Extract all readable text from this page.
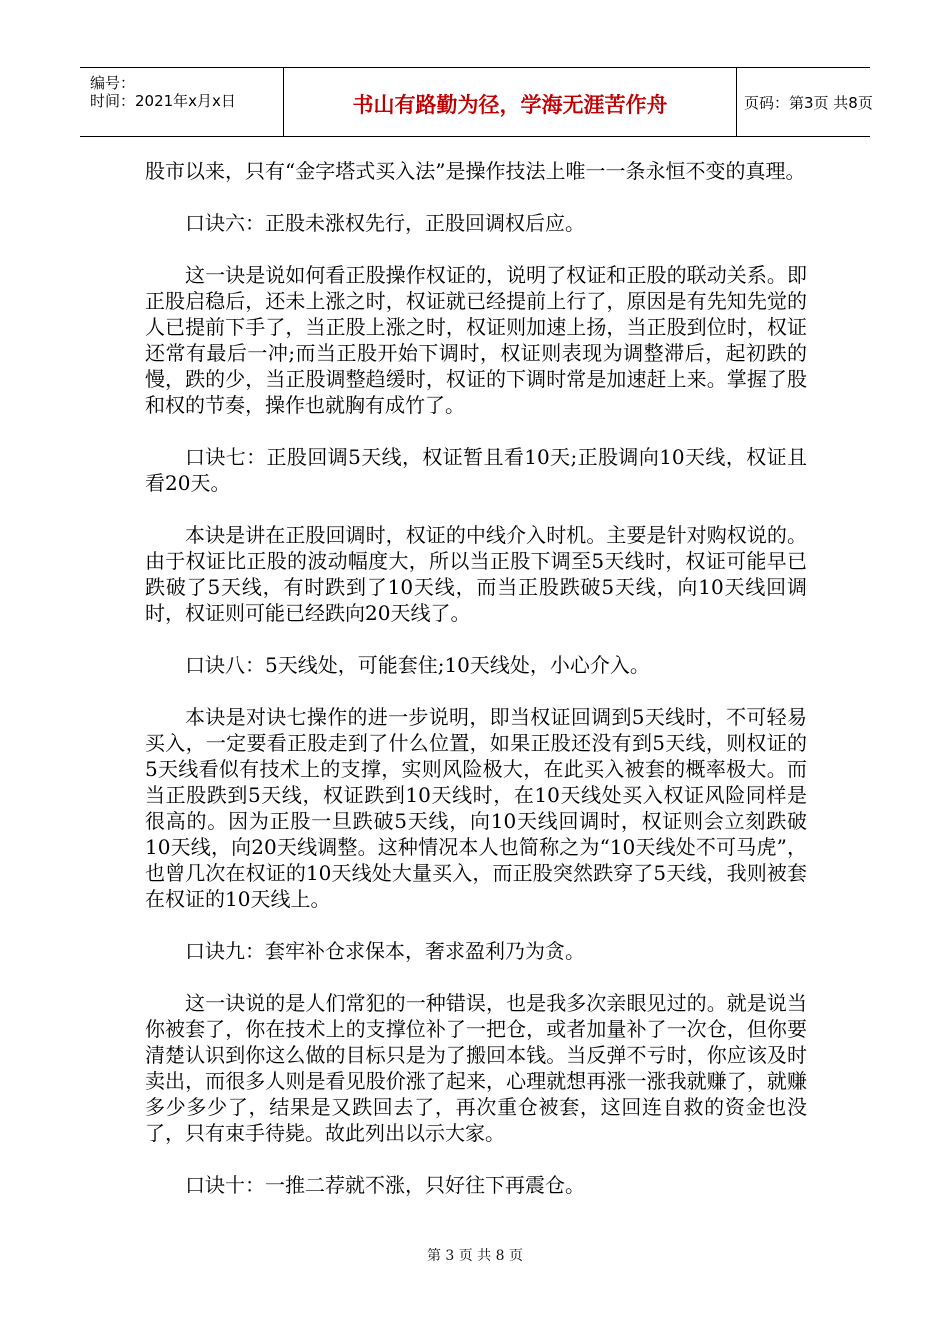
编号：
时间：2021年x月x日	书山有路勤为径，学海无涯苦作舟	页码：第3页 共8页

股市以来，只有“金字塔式买入法”是操作技法上唯一一条永恒不变的真理。

口诀六：正股未涨权先行，正股回调权后应。

这一诀是说如何看正股操作权证的，说明了权证和正股的联动关系。即正股启稳后，还未上涨之时，权证就已经提前上行了，原因是有先知先觉的人已提前下手了，当正股上涨之时，权证则加速上扬，当正股到位时，权证还常有最后一冲;而当正股开始下调时，权证则表现为调整滞后，起初跌的慢，跌的少，当正股调整趋缓时，权证的下调时常是加速赶上来。掌握了股和权的节奏，操作也就胸有成竹了。

口诀七：正股回调5天线，权证暂且看10天;正股调向10天线，权证且看20天。

本诀是讲在正股回调时，权证的中线介入时机。主要是针对购权说的。由于权证比正股的波动幅度大，所以当正股下调至5天线时，权证可能早已跌破了5天线，有时跌到了10天线，而当正股跌破5天线，向10天线回调时，权证则可能已经跌向20天线了。

口诀八：5天线处，可能套住;10天线处，小心介入。

本诀是对诀七操作的进一步说明，即当权证回调到5天线时，不可轻易买入，一定要看正股走到了什么位置，如果正股还没有到5天线，则权证的5天线看似有技术上的支撑，实则风险极大，在此买入被套的概率极大。而当正股跌到5天线，权证跌到10天线时，在10天线处买入权证风险同样是很高的。因为正股一旦跌破5天线，向10天线回调时，权证则会立刻跌破10天线，向20天线调整。这种情况本人也简称之为“10天线处不可马虎”，也曾几次在权证的10天线处大量买入，而正股突然跌穿了5天线，我则被套在权证的10天线上。

口诀九：套牢补仓求保本，奢求盈利乃为贪。

这一诀说的是人们常犯的一种错误，也是我多次亲眼见过的。就是说当你被套了，你在技术上的支撑位补了一把仓，或者加量补了一次仓，但你要清楚认识到你这么做的目标只是为了搬回本钱。当反弹不亏时，你应该及时卖出，而很多人则是看见股价涨了起来，心理就想再涨一涨我就赚了，就赚多少多少了，结果是又跌回去了，再次重仓被套，这回连自救的资金也没了，只有束手待毙。故此列出以示大家。

口诀十：一推二荐就不涨，只好往下再震仓。

第 3 页 共 8 页
